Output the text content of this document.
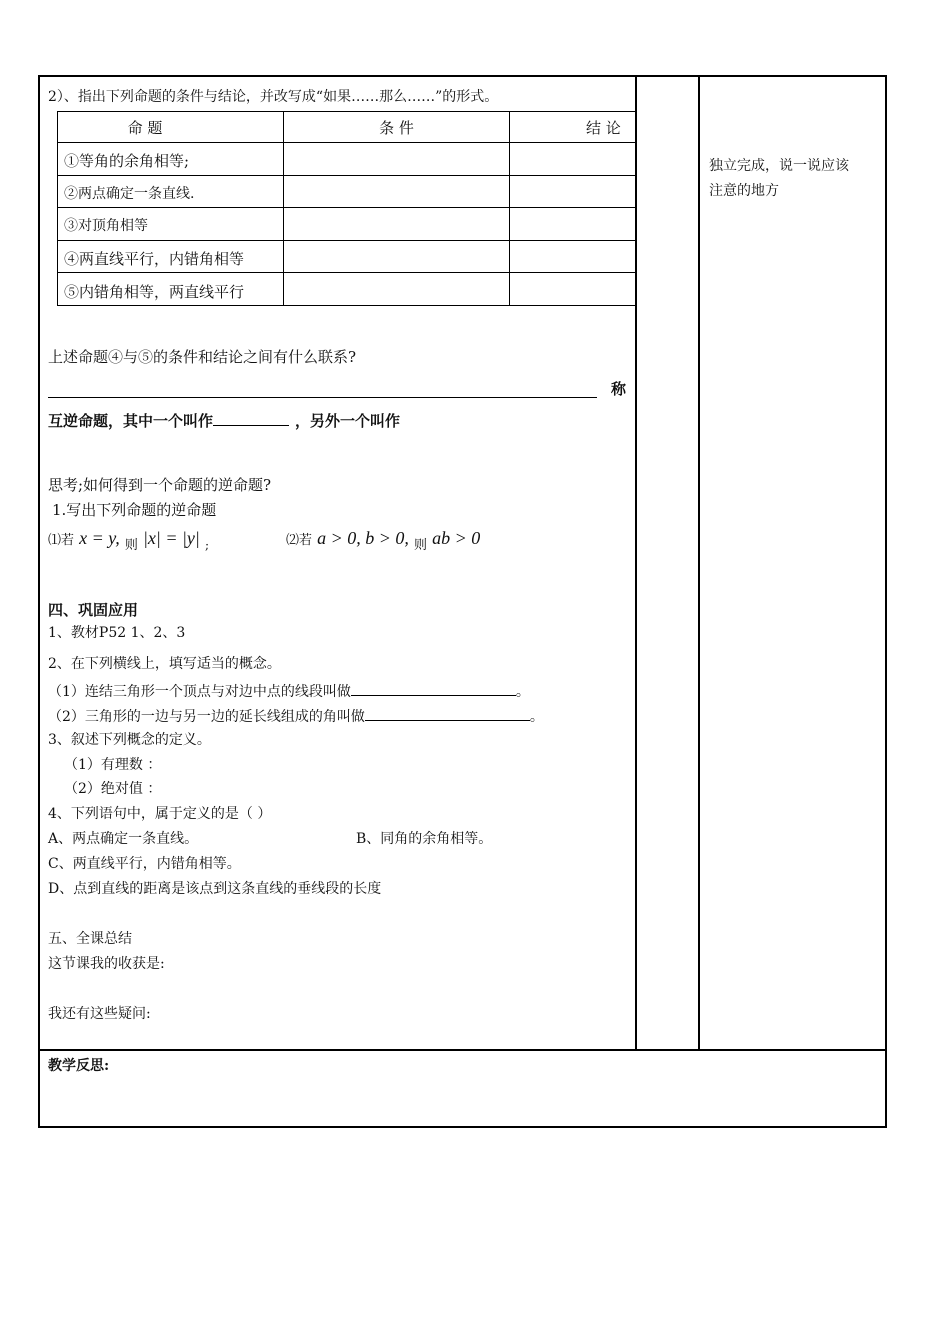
2）、指出下列命题的条件与结论，并改写成“如果……那么……”的形式。
命 题	条 件	结 论
①等角的余角相等;
②两点确定一条直线.
③对顶角相等
④两直线平行，内错角相等
⑤内错角相等，两直线平行
上述命题④与⑤的条件和结论之间有什么联系?
称
互逆命题，其中一个叫作	，另外一个叫作
思考;如何得到一个命题的逆命题?
1.写出下列命题的逆命题
⑴若 x = y, $_则$ |x| = |y| $_;$	⑵若 a > 0, b > 0, $_则$ ab > 0
四、巩固应用
1、教材P52 1、2、3
2、在下列横线上，填写适当的概念。
（1）连结三角形一个顶点与对边中点的线段叫做	。
（2）三角形的一边与另一边的延长线组成的角叫做	。
3、叙述下列概念的定义。
（1）有理数 ：
（2）绝对值 ：
4、下列语句中，属于定义的是（ ）
A、两点确定一条直线。	B、同角的余角相等。
C、两直线平行，内错角相等。
D、点到直线的距离是该点到这条直线的垂线段的长度
五、全课总结
这节课我的收获是:
我还有这些疑问:
独立完成，说一说应该
注意的地方
教学反思:
